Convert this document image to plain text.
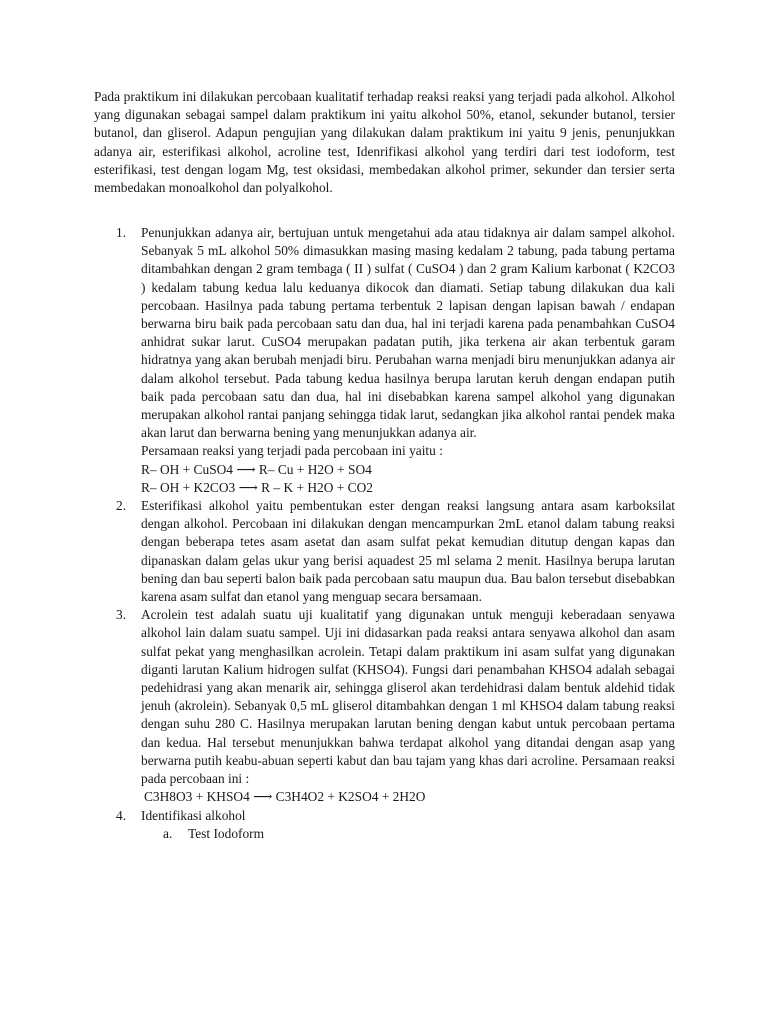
Pada praktikum ini dilakukan percobaan kualitatif terhadap reaksi reaksi yang terjadi pada alkohol. Alkohol yang digunakan sebagai sampel dalam praktikum ini yaitu alkohol 50%, etanol, sekunder butanol, tersier butanol, dan gliserol. Adapun pengujian yang dilakukan dalam praktikum ini yaitu 9 jenis, penunjukkan adanya air, esterifikasi alkohol, acroline test, Idenrifikasi alkohol yang terdiri dari test iodoform, test esterifikasi, test dengan logam Mg, test oksidasi, membedakan alkohol primer, sekunder dan tersier serta membedakan monoalkohol dan polyalkohol.

1. Penunjukkan adanya air, bertujuan untuk mengetahui ada atau tidaknya air dalam sampel alkohol. Sebanyak 5 mL alkohol 50% dimasukkan masing masing kedalam 2 tabung, pada tabung pertama ditambahkan dengan 2 gram tembaga ( II ) sulfat ( CuSO4 ) dan 2 gram Kalium karbonat ( K2CO3 ) kedalam tabung kedua lalu keduanya dikocok dan diamati. Setiap tabung dilakukan dua kali percobaan. Hasilnya pada tabung pertama terbentuk 2 lapisan dengan lapisan bawah / endapan berwarna biru baik pada percobaan satu dan dua, hal ini terjadi karena pada penambahkan CuSO4 anhidrat sukar larut. CuSO4 merupakan padatan putih, jika terkena air akan terbentuk garam hidratnya yang akan berubah menjadi biru. Perubahan warna menjadi biru menunjukkan adanya air dalam alkohol tersebut. Pada tabung kedua hasilnya berupa larutan keruh dengan endapan putih baik pada percobaan satu dan dua, hal ini disebabkan karena sampel alkohol yang digunakan merupakan alkohol rantai panjang sehingga tidak larut, sedangkan jika alkohol rantai pendek maka akan larut dan berwarna bening yang menunjukkan adanya air.

Persamaan reaksi yang terjadi pada percobaan ini yaitu :

R– OH + CuSO4 ⟶ R– Cu + H2O + SO4

R– OH + K2CO3 ⟶ R – K + H2O + CO2

2. Esterifikasi alkohol yaitu pembentukan ester dengan reaksi langsung antara asam karboksilat dengan alkohol. Percobaan ini dilakukan dengan mencampurkan 2mL etanol dalam tabung reaksi dengan beberapa tetes asam asetat dan asam sulfat pekat kemudian ditutup dengan kapas dan dipanaskan dalam gelas ukur yang berisi aquadest 25 ml selama 2 menit. Hasilnya berupa larutan bening dan bau seperti balon baik pada percobaan satu maupun dua. Bau balon tersebut disebabkan karena asam sulfat dan etanol yang menguap secara bersamaan.

3. Acrolein test adalah suatu uji kualitatif yang digunakan untuk menguji keberadaan senyawa alkohol lain dalam suatu sampel. Uji ini didasarkan pada reaksi antara senyawa alkohol dan asam sulfat pekat yang menghasilkan acrolein. Tetapi dalam praktikum ini asam sulfat yang digunakan diganti larutan Kalium hidrogen sulfat (KHSO4). Fungsi dari penambahan KHSO4 adalah sebagai pedehidrasi yang akan menarik air, sehingga gliserol akan terdehidrasi dalam bentuk aldehid tidak jenuh (akrolein). Sebanyak 0,5 mL gliserol ditambahkan dengan 1 ml KHSO4 dalam tabung reaksi dengan suhu 280 C. Hasilnya merupakan larutan bening dengan kabut untuk percobaan pertama dan kedua. Hal tersebut menunjukkan bahwa terdapat alkohol yang ditandai dengan asap yang berwarna putih keabu-abuan seperti kabut dan bau tajam yang khas dari acroline. Persamaan reaksi pada percobaan ini :

C3H8O3 + KHSO4 ⟶ C3H4O2 + K2SO4 + 2H2O

4. Identifikasi alkohol

a. Test Iodoform
